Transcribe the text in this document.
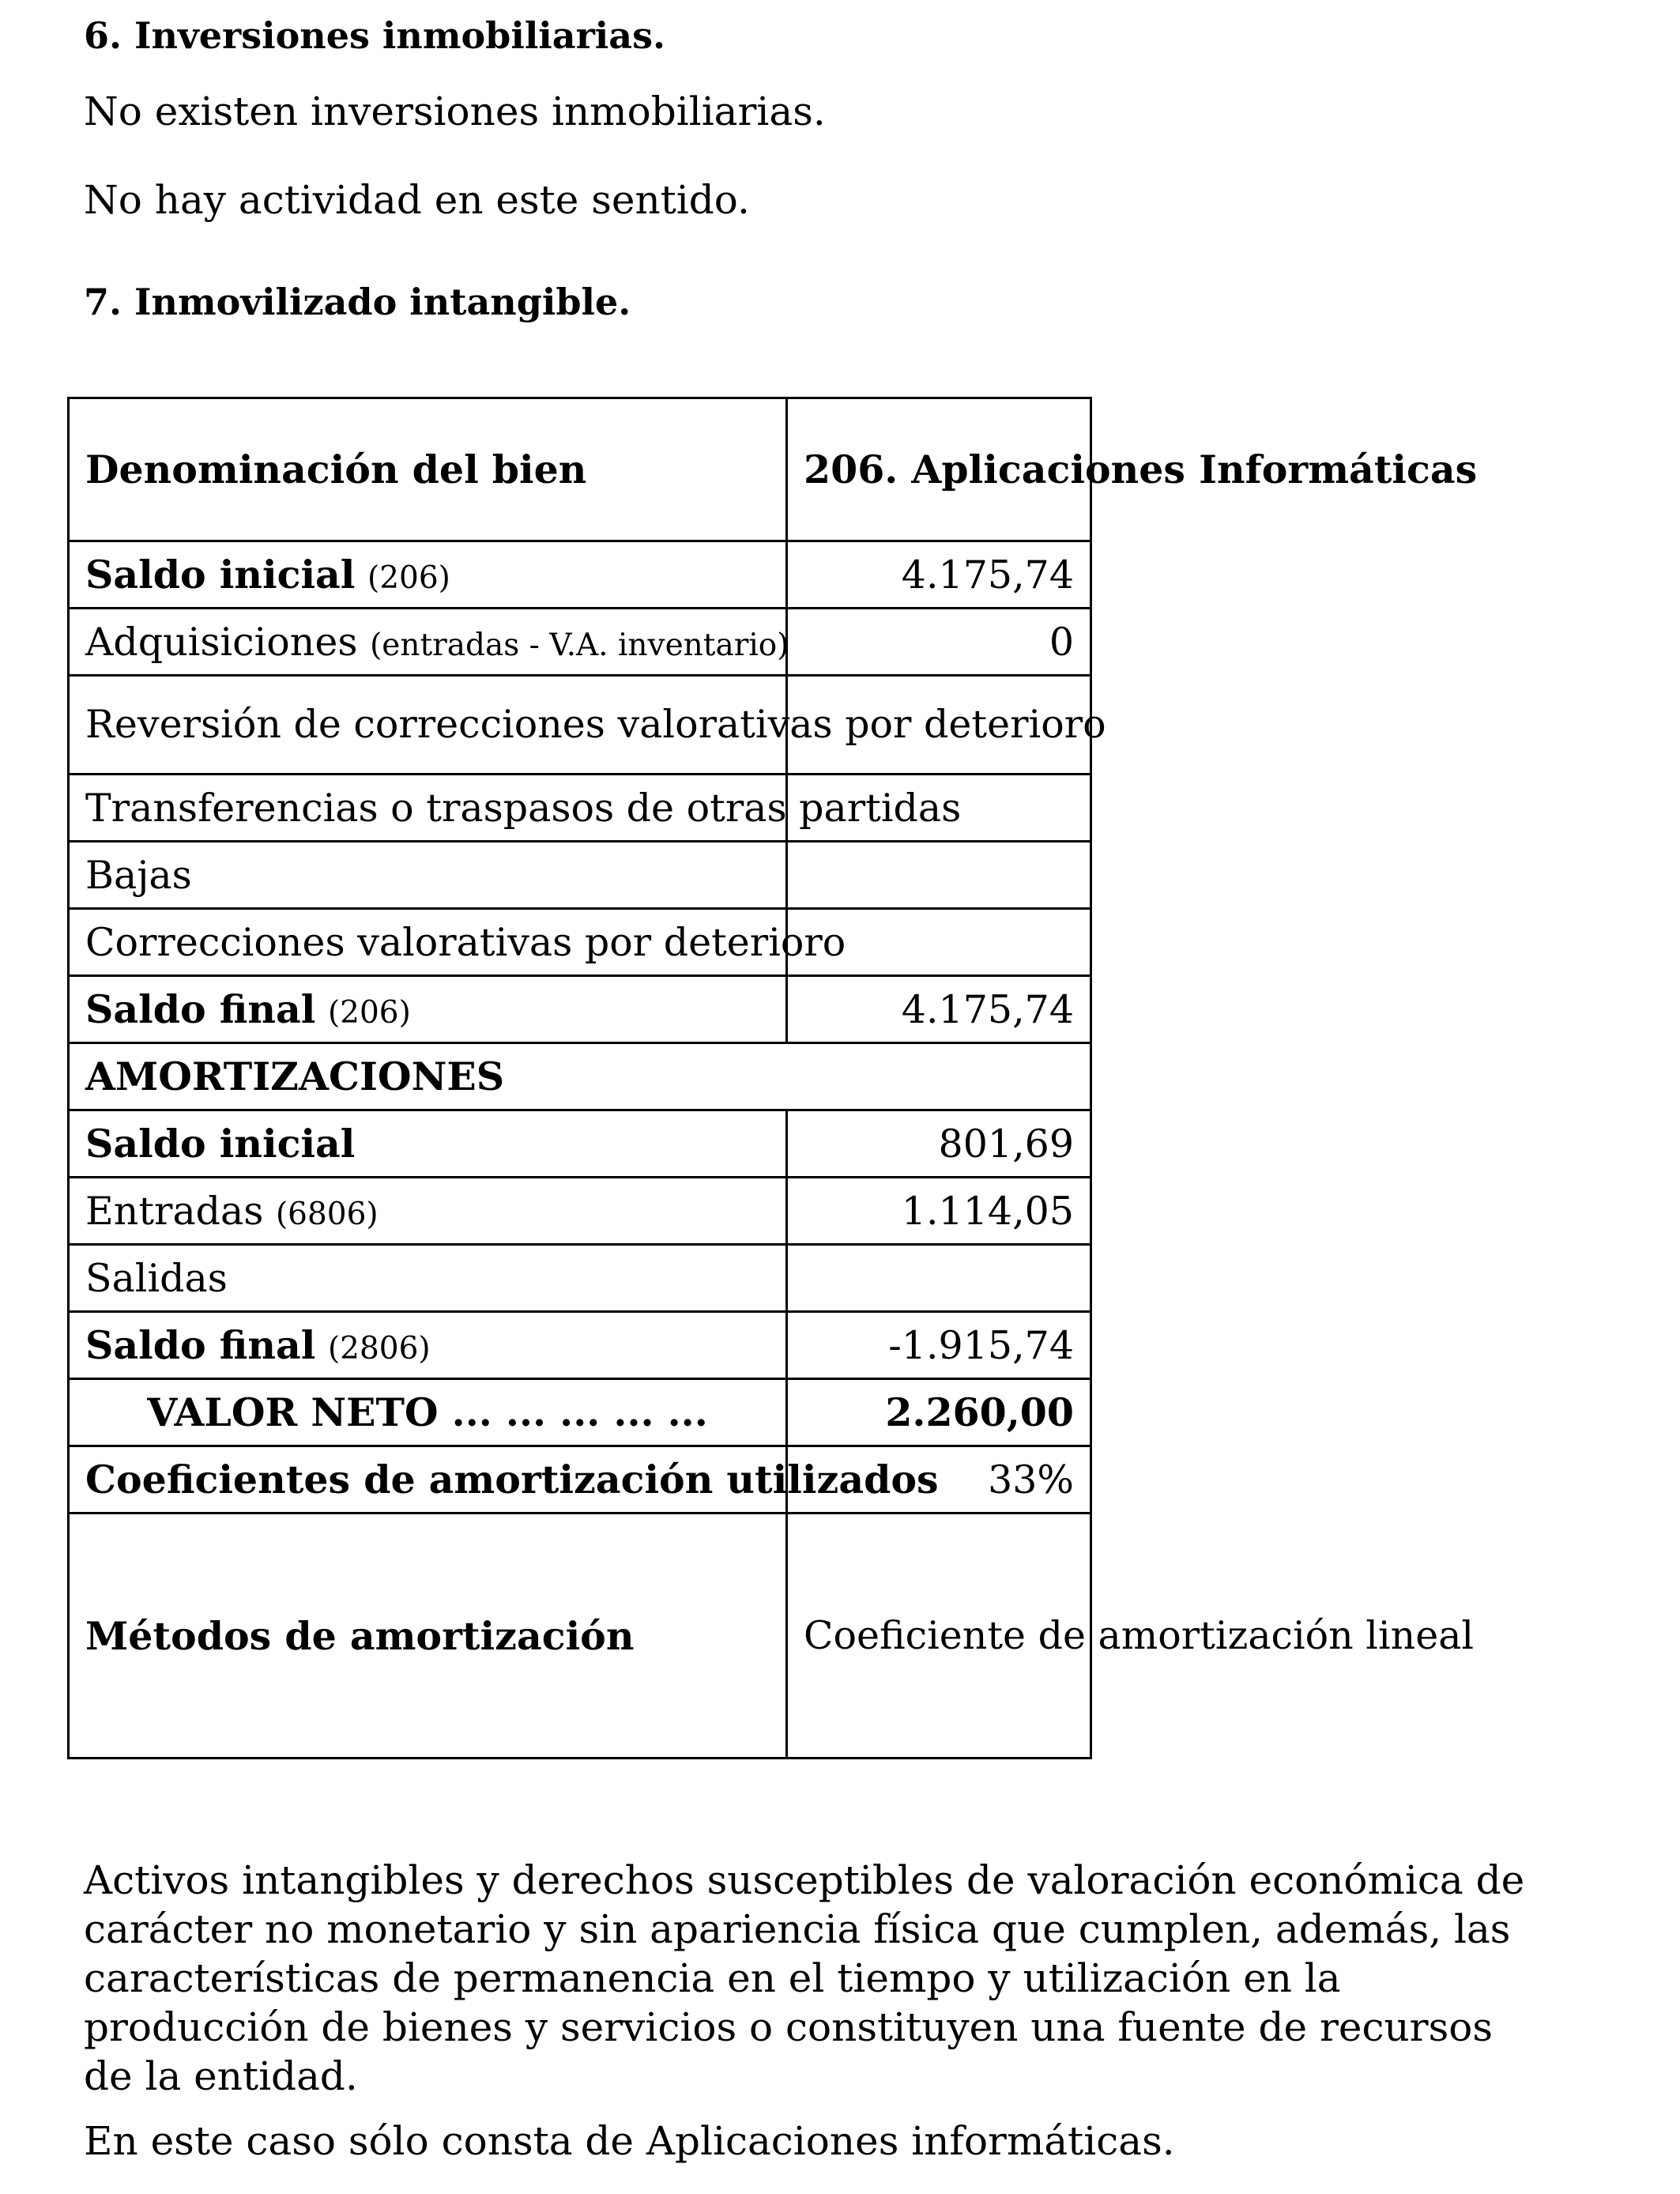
6. Inversiones inmobiliarias.
No existen inversiones inmobiliarias.
No hay actividad en este sentido.
7. Inmovilizado intangible.
Denominación del bien	206. Aplicaciones Informáticas
Saldo inicial (206)	4.175,74
Adquisiciones (entradas - V.A. inventario)	0
Reversión de correcciones valorativas por deterioro	
Transferencias o traspasos de otras partidas	
Bajas	
Correcciones valorativas por deterioro	
Saldo final (206)	4.175,74
AMORTIZACIONES	
Saldo inicial	801,69
Entradas (6806)	1.114,05
Salidas	
Saldo final (2806)	-1.915,74
VALOR NETO ... ... ... ... ...	2.260,00
Coeficientes de amortización utilizados	33%
Métodos de amortización	Coeficiente de amortización lineal
Activos intangibles y derechos susceptibles de valoración económica de carácter no monetario y sin apariencia física que cumplen, además, las características de permanencia en el tiempo y utilización en la producción de bienes y servicios o constituyen una fuente de recursos de la entidad.
En este caso sólo consta de Aplicaciones informáticas.
